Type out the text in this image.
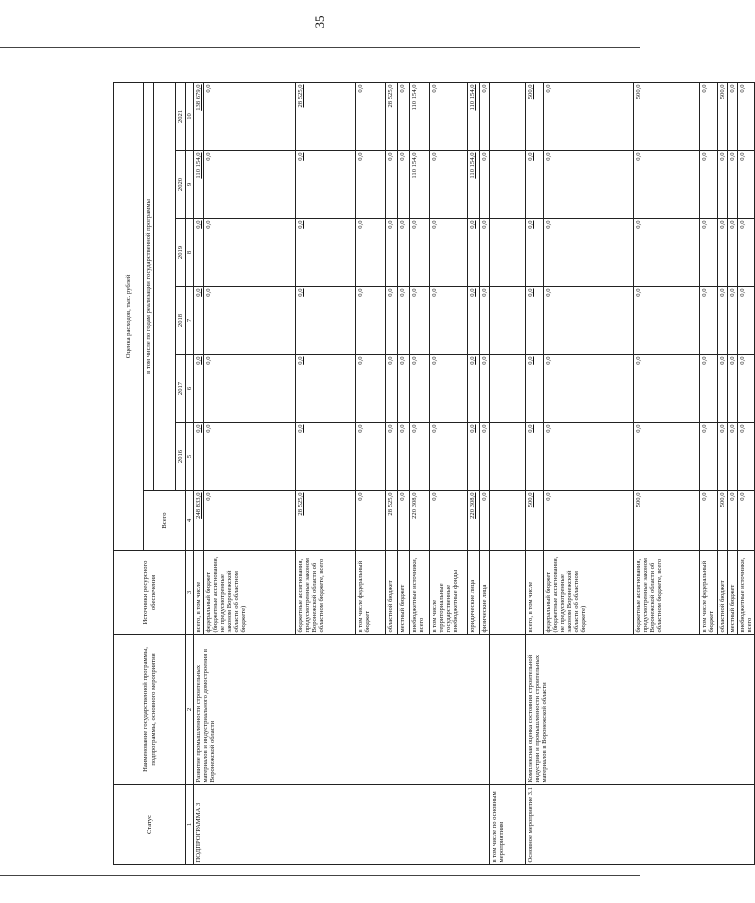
35
Статус	Наименование государственной программы, подпрограммы, основного мероприятия	Источники ресурсного обеспечения	Оценка расходов, тыс. рублей						
			Всего	в том числе по годам реализации государственной программы					

				2016	2017	2018	2019	2020	2021
1	2	3	4	5	6	7	8	9	10
ПОДПРОГРАММА 3	Развитие промышленности строительных материалов и индустриального домостроения в Воронежской области	всего, в том числе	248 833,0	0,0	0,0	0,0	0,0	110 154,0	138 679,0
		федеральный бюджет (бюджетные ассигнования, не предусмотренные законом Воронежской области об областном бюджете)	0,0	0,0	0,0	0,0	0,0	0,0	0,0
		бюджетные ассигнования, предусмотренные законом Воронежской области об областном бюджете, всего	28 525,0	0,0	0,0	0,0	0,0	0,0	28 525,0
		в том числе федеральный бюджет	0,0	0,0	0,0	0,0	0,0	0,0	0,0
		областной бюджет	28 525,0	0,0	0,0	0,0	0,0	0,0	28 525,0
		местный бюджет	0,0	0,0	0,0	0,0	0,0	0,0	0,0
		внебюджетные источники, всего	220 308,0	0,0	0,0	0,0	0,0	110 154,0	110 154,0
		в том числе территориальные государственные внебюджетные фонды	0,0	0,0	0,0	0,0	0,0	0,0	0,0
		юридические лица	220 308,0	0,0	0,0	0,0	0,0	110 154,0	110 154,0
		физические лица	0,0	0,0	0,0	0,0	0,0	0,0	0,0
в том числе по основным мероприятиям									
Основное мероприятие 3.1	Комплексная оценка состояния строительной индустрии и промышленности строительных материалов в Воронежской области	всего, в том числе	500,0	0,0	0,0	0,0	0,0	0,0	500,0
		федеральный бюджет (бюджетные ассигнования, не предусмотренные законом Воронежской области об областном бюджете)	0,0	0,0	0,0	0,0	0,0	0,0	0,0
		бюджетные ассигнования, предусмотренные законом Воронежской области об областном бюджете, всего	500,0	0,0	0,0	0,0	0,0	0,0	500,0
		в том числе федеральный бюджет	0,0	0,0	0,0	0,0	0,0	0,0	0,0
		областной бюджет	500,0	0,0	0,0	0,0	0,0	0,0	500,0
		местный бюджет	0,0	0,0	0,0	0,0	0,0	0,0	0,0
		внебюджетные источники, всего	0,0	0,0	0,0	0,0	0,0	0,0	0,0
